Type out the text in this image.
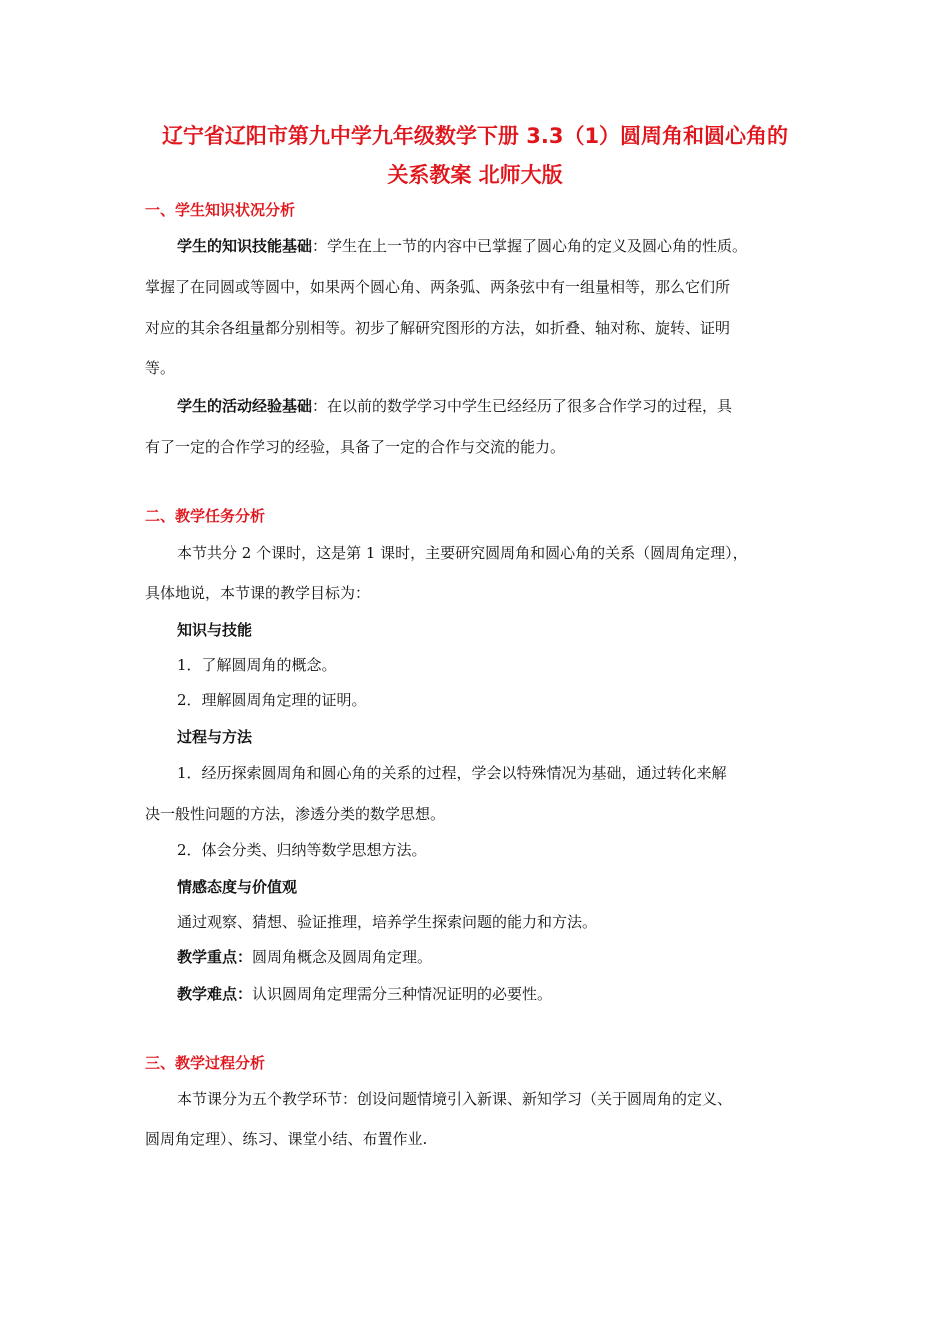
辽宁省辽阳市第九中学九年级数学下册 3.3（1）圆周角和圆心角的
关系教案 北师大版
一、学生知识状况分析
学生的知识技能基础：学生在上一节的内容中已掌握了圆心角的定义及圆心角的性质。
掌握了在同圆或等圆中，如果两个圆心角、两条弧、两条弦中有一组量相等，那么它们所
对应的其余各组量都分别相等。初步了解研究图形的方法，如折叠、轴对称、旋转、证明
等。
学生的活动经验基础：在以前的数学学习中学生已经经历了很多合作学习的过程，具
有了一定的合作学习的经验，具备了一定的合作与交流的能力。
二、教学任务分析
本节共分 2 个课时，这是第 1 课时，主要研究圆周角和圆心角的关系（圆周角定理），
具体地说，本节课的教学目标为：
知识与技能
1．了解圆周角的概念。
2．理解圆周角定理的证明。
过程与方法
1．经历探索圆周角和圆心角的关系的过程，学会以特殊情况为基础，通过转化来解
决一般性问题的方法，渗透分类的数学思想。
2．体会分类、归纳等数学思想方法。
情感态度与价值观
通过观察、猜想、验证推理，培养学生探索问题的能力和方法。
教学重点：圆周角概念及圆周角定理。
教学难点：认识圆周角定理需分三种情况证明的必要性。
三、教学过程分析
本节课分为五个教学环节：创设问题情境引入新课、新知学习（关于圆周角的定义、
圆周角定理）、练习、课堂小结、布置作业.
